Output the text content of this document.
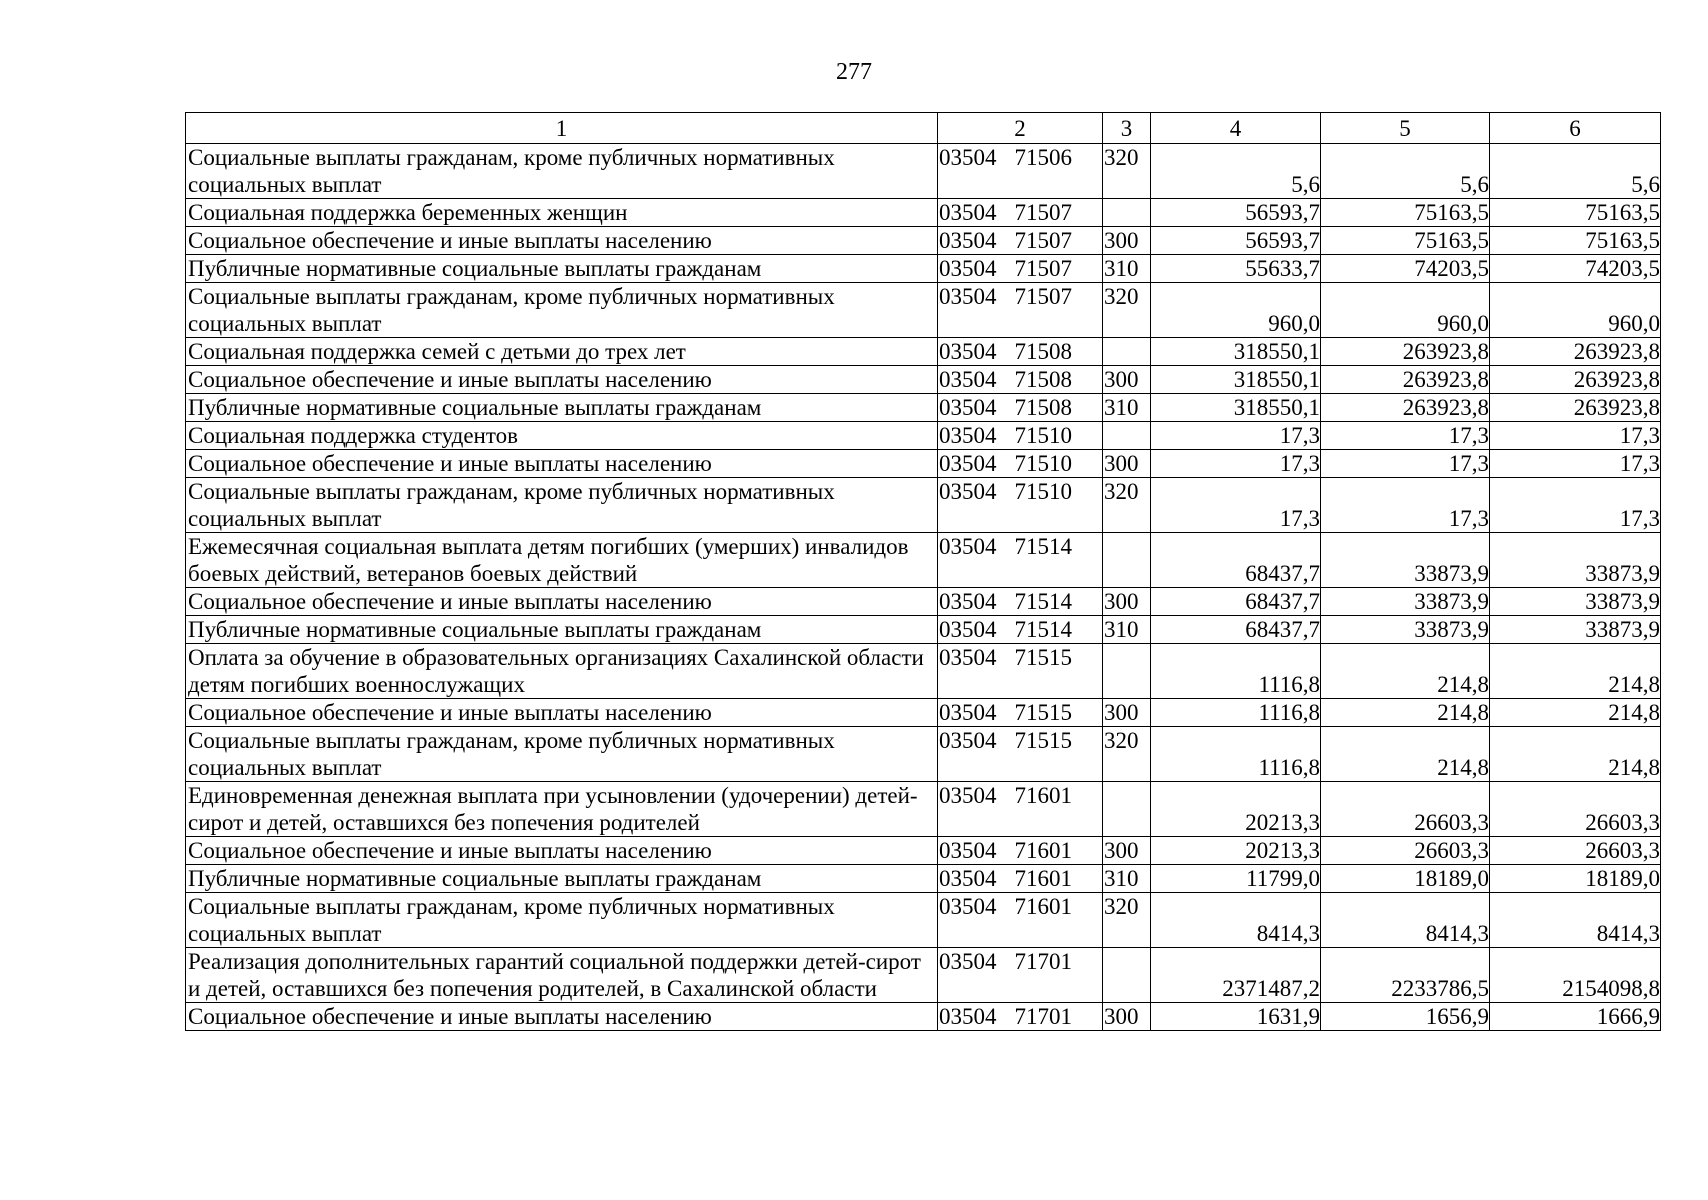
277
1	2	3	4	5	6
Социальные выплаты гражданам, кроме публичных нормативных социальных выплат	03504 71506	320	5,6	5,6	5,6
Социальная поддержка беременных женщин	03504 71507		56593,7	75163,5	75163,5
Социальное обеспечение и иные выплаты населению	03504 71507	300	56593,7	75163,5	75163,5
Публичные нормативные социальные выплаты гражданам	03504 71507	310	55633,7	74203,5	74203,5
Социальные выплаты гражданам, кроме публичных нормативных социальных выплат	03504 71507	320	960,0	960,0	960,0
Социальная поддержка семей с детьми до трех лет	03504 71508		318550,1	263923,8	263923,8
Социальное обеспечение и иные выплаты населению	03504 71508	300	318550,1	263923,8	263923,8
Публичные нормативные социальные выплаты гражданам	03504 71508	310	318550,1	263923,8	263923,8
Социальная поддержка студентов	03504 71510		17,3	17,3	17,3
Социальное обеспечение и иные выплаты населению	03504 71510	300	17,3	17,3	17,3
Социальные выплаты гражданам, кроме публичных нормативных социальных выплат	03504 71510	320	17,3	17,3	17,3
Ежемесячная социальная выплата детям погибших (умерших) инвалидов боевых действий, ветеранов боевых действий	03504 71514		68437,7	33873,9	33873,9
Социальное обеспечение и иные выплаты населению	03504 71514	300	68437,7	33873,9	33873,9
Публичные нормативные социальные выплаты гражданам	03504 71514	310	68437,7	33873,9	33873,9
Оплата за обучение в образовательных организациях Сахалинской области детям погибших военнослужащих	03504 71515		1116,8	214,8	214,8
Социальное обеспечение и иные выплаты населению	03504 71515	300	1116,8	214,8	214,8
Социальные выплаты гражданам, кроме публичных нормативных социальных выплат	03504 71515	320	1116,8	214,8	214,8
Единовременная денежная выплата при усыновлении (удочерении) детей-сирот и детей, оставшихся без попечения родителей	03504 71601		20213,3	26603,3	26603,3
Социальное обеспечение и иные выплаты населению	03504 71601	300	20213,3	26603,3	26603,3
Публичные нормативные социальные выплаты гражданам	03504 71601	310	11799,0	18189,0	18189,0
Социальные выплаты гражданам, кроме публичных нормативных социальных выплат	03504 71601	320	8414,3	8414,3	8414,3
Реализация дополнительных гарантий социальной поддержки детей-сирот и детей, оставшихся без попечения родителей, в Сахалинской области	03504 71701		2371487,2	2233786,5	2154098,8
Социальное обеспечение и иные выплаты населению	03504 71701	300	1631,9	1656,9	1666,9
